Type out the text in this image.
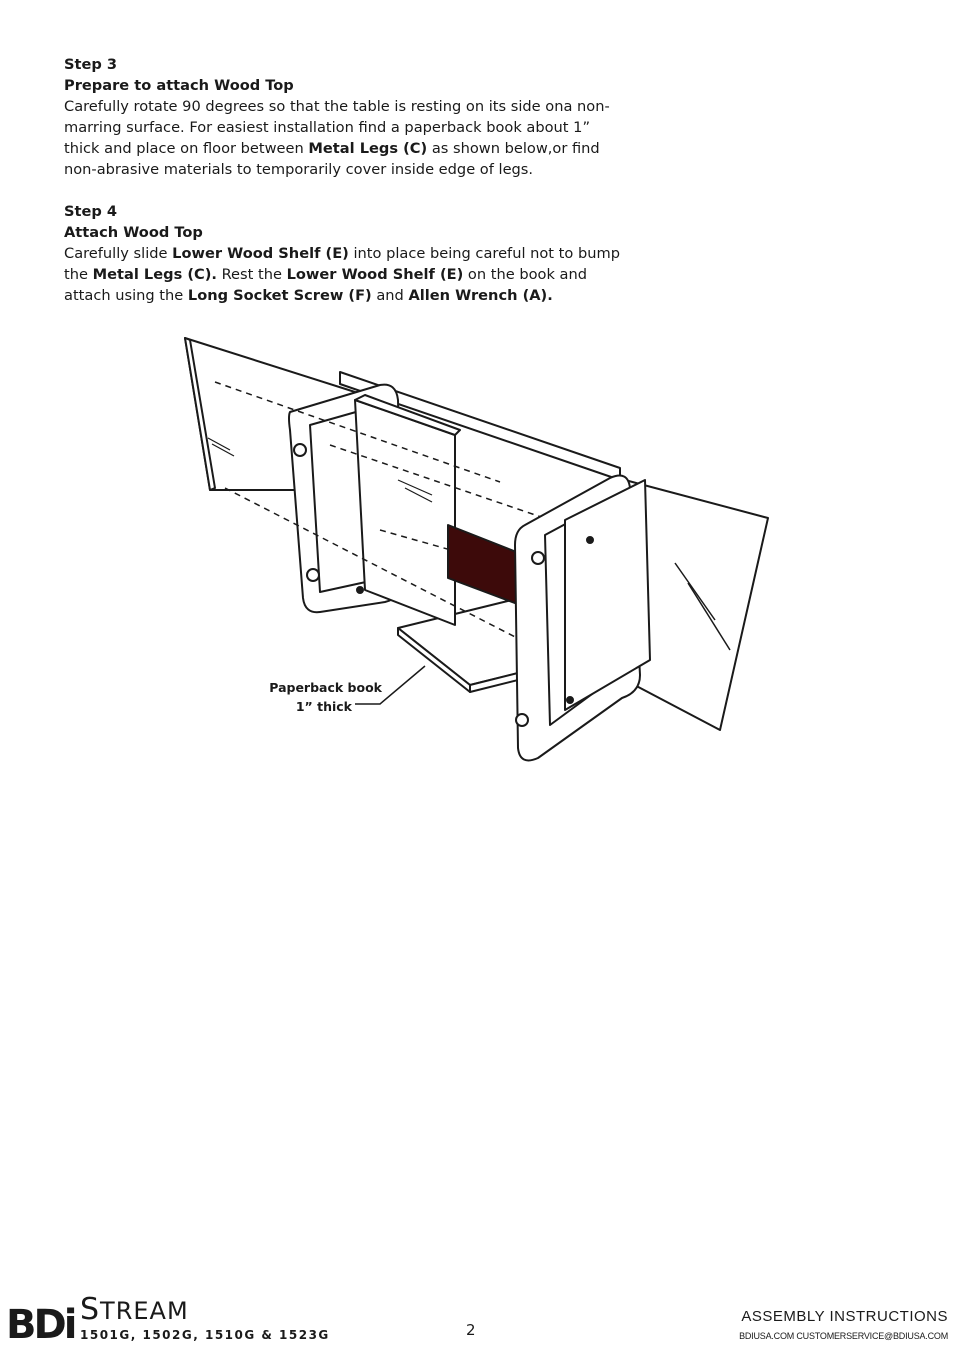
Step 3
Prepare to attach Wood Top
Carefully rotate 90 degrees so that the table is resting on its side ona non-marring surface. For easiest installation find a paperback book about 1” thick and place on floor between Metal Legs (C) as shown below,or find non-abrasive materials to temporarily cover inside edge of legs.
Step 4
Attach Wood Top
Carefully slide Lower Wood Shelf (E) into place being careful not to bump the Metal Legs (C). Rest the Lower Wood Shelf (E) on the book and attach using the Long Socket Screw (F) and Allen Wrench (A).
Paperback book
1” thick
BDi STREAM
1501G, 1502G, 1510G & 1523G	2
ASSEMBLY INSTRUCTIONS
BDIUSA.COM CUSTOMERSERVICE@BDIUSA.COM
